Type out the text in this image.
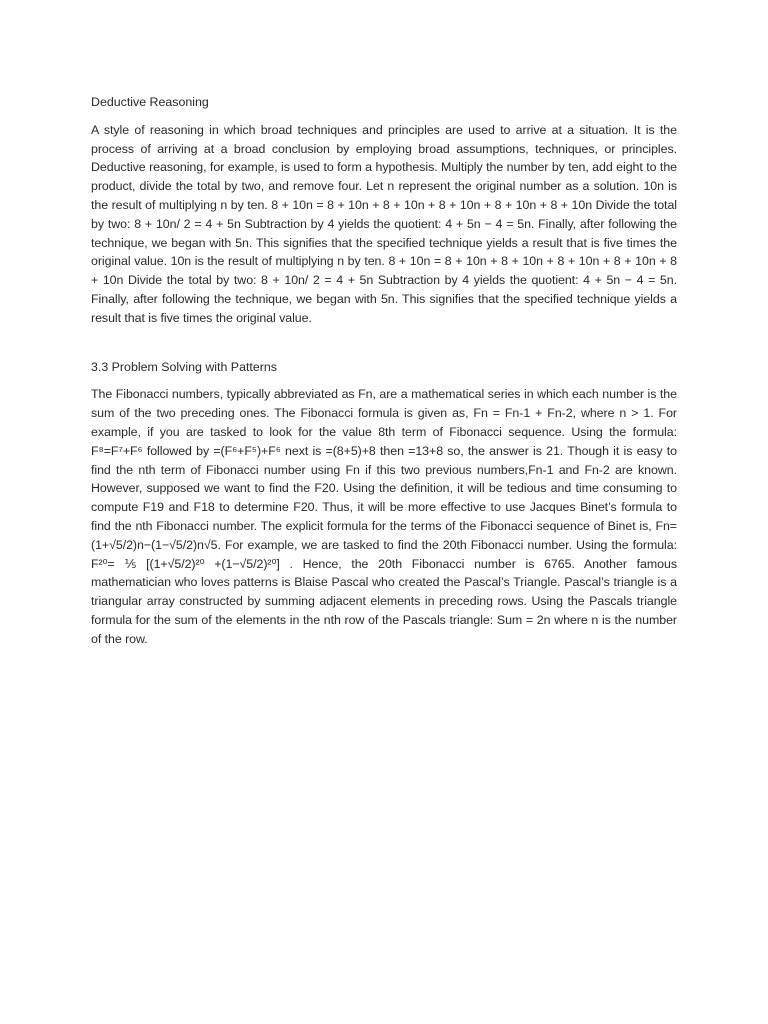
Deductive Reasoning

A style of reasoning in which broad techniques and principles are used to arrive at a situation. It is the process of arriving at a broad conclusion by employing broad assumptions, techniques, or principles. Deductive reasoning, for example, is used to form a hypothesis. Multiply the number by ten, add eight to the product, divide the total by two, and remove four. Let n represent the original number as a solution. 10n is the result of multiplying n by ten. 8 + 10n = 8 + 10n + 8 + 10n + 8 + 10n + 8 + 10n + 8 + 10n Divide the total by two: 8 + 10n/ 2 = 4 + 5n Subtraction by 4 yields the quotient: 4 + 5n − 4 = 5n. Finally, after following the technique, we began with 5n. This signifies that the specified technique yields a result that is five times the original value. 10n is the result of multiplying n by ten. 8 + 10n = 8 + 10n + 8 + 10n + 8 + 10n + 8 + 10n + 8 + 10n Divide the total by two: 8 + 10n/ 2 = 4 + 5n Subtraction by 4 yields the quotient: 4 + 5n − 4 = 5n. Finally, after following the technique, we began with 5n. This signifies that the specified technique yields a result that is five times the original value.

3.3 Problem Solving with Patterns

The Fibonacci numbers, typically abbreviated as Fn, are a mathematical series in which each number is the sum of the two preceding ones. The Fibonacci formula is given as, Fn = Fn-1 + Fn-2, where n > 1. For example, if you are tasked to look for the value 8th term of Fibonacci sequence. Using the formula: F⁸=F⁷+F⁶ followed by =(F⁶+F⁵)+F⁶ next is =(8+5)+8 then =13+8 so, the answer is 21. Though it is easy to find the nth term of Fibonacci number using Fn if this two previous numbers,Fn-1 and Fn-2 are known. However, supposed we want to find the F20. Using the definition, it will be tedious and time consuming to compute F19 and F18 to determine F20. Thus, it will be more effective to use Jacques Binet’s formula to find the nth Fibonacci number. The explicit formula for the terms of the Fibonacci sequence of Binet is, Fn=(1+√5/2)n−(1−√5/2)n√5. For example, we are tasked to find the 20th Fibonacci number. Using the formula: F²⁰= ⅕ [(1+√5/2)²⁰ +(1−√5/2)²⁰] . Hence, the 20th Fibonacci number is 6765. Another famous mathematician who loves patterns is Blaise Pascal who created the Pascal’s Triangle. Pascal’s triangle is a triangular array constructed by summing adjacent elements in preceding rows. Using the Pascals triangle formula for the sum of the elements in the nth row of the Pascals triangle: Sum = 2n where n is the number of the row.
